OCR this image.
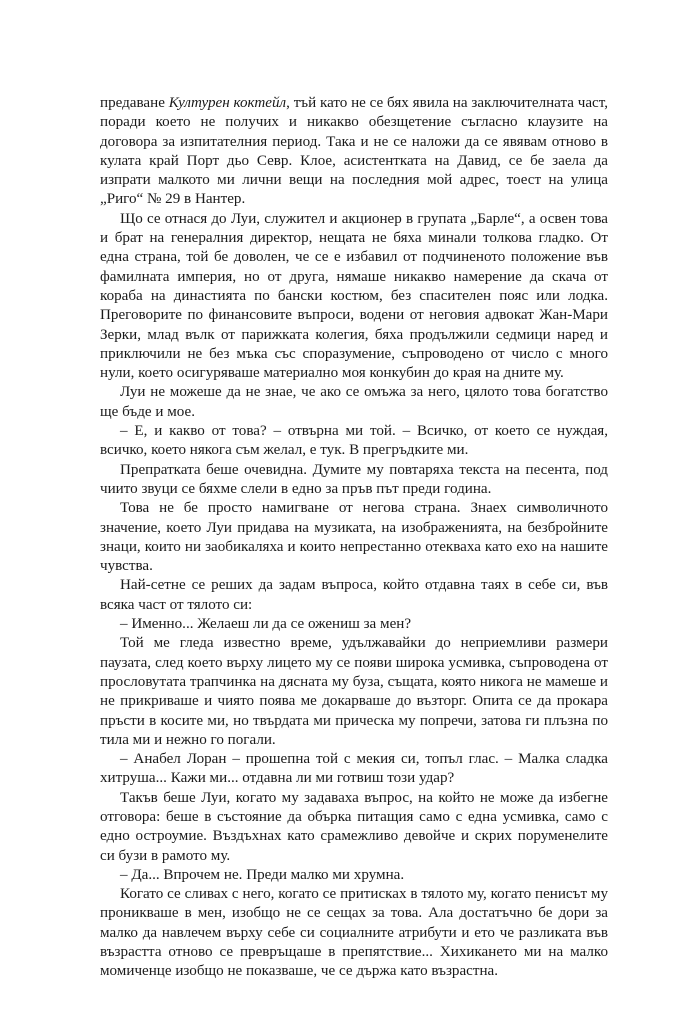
предаване Културен коктейл, тъй като не се бях явила на заключителната част, поради което не получих и никакво обезщетение съгласно клаузите на договора за изпитателния период. Така и не се наложи да се явявам отново в кулата край Порт дьо Севр. Клое, асистентката на Давид, се бе заела да изпрати малкото ми лични вещи на последния мой адрес, тоест на улица „Риго“ № 29 в Нантер.

Що се отнася до Луи, служител и акционер в групата „Барле“, а освен това и брат на генералния директор, нещата не бяха минали толкова гладко. От една страна, той бе доволен, че се е избавил от подчиненото положение във фамилната империя, но от друга, нямаше никакво намерение да скача от кораба на династията по бански костюм, без спасителен пояс или лодка. Преговорите по финансовите въпроси, водени от неговия адвокат Жан-Мари Зерки, млад вълк от парижката колегия, бяха продължили седмици наред и приключили не без мъка със споразумение, съпроводено от число с много нули, което осигуряваше материално моя конкубин до края на дните му.

Луи не можеше да не знае, че ако се омъжа за него, цялото това богатство ще бъде и мое.

– Е, и какво от това? – отвърна ми той. – Всичко, от което се нуждая, всичко, което някога съм желал, е тук. В прегръдките ми.

Препратката беше очевидна. Думите му повтаряха текста на песента, под чиито звуци се бяхме слели в едно за пръв път преди година.

Това не бе просто намигване от негова страна. Знаех символичното значение, което Луи придава на музиката, на изображенията, на безбройните знаци, които ни заобикаляха и които непрестанно отекваха като ехо на нашите чувства.

Най-сетне се реших да задам въпроса, който отдавна таях в себе си, във всяка част от тялото си:

– Именно... Желаеш ли да се ожениш за мен?

Той ме гледа известно време, удължавайки до неприемливи размери паузата, след което върху лицето му се появи широка усмивка, съпроводена от прословутата трапчинка на дясната му буза, същата, която никога не мамеше и не прикриваше и чиято поява ме докарваше до възторг. Опита се да прокара пръсти в косите ми, но твърдата ми прическа му попречи, затова ги плъзна по тила ми и нежно го погали.

– Анабел Лоран – прошепна той с мекия си, топъл глас. – Малка сладка хитруша... Кажи ми... отдавна ли ми готвиш този удар?

Такъв беше Луи, когато му задаваха въпрос, на който не може да избегне отговора: беше в състояние да обърка питащия само с една усмивка, само с едно остроумие. Въздъхнах като срамежливо девойче и скрих поруменелите си бузи в рамото му.

– Да... Впрочем не. Преди малко ми хрумна.

Когато се сливах с него, когато се притисках в тялото му, когато пенисът му проникваше в мен, изобщо не се сещах за това. Ала достатъчно бе дори за малко да навлечем върху себе си социалните атрибути и ето че разликата във възрастта отново се превръщаше в препятствие... Хихикането ми на малко момиченце изобщо не показваше, че се държа като възрастна.
